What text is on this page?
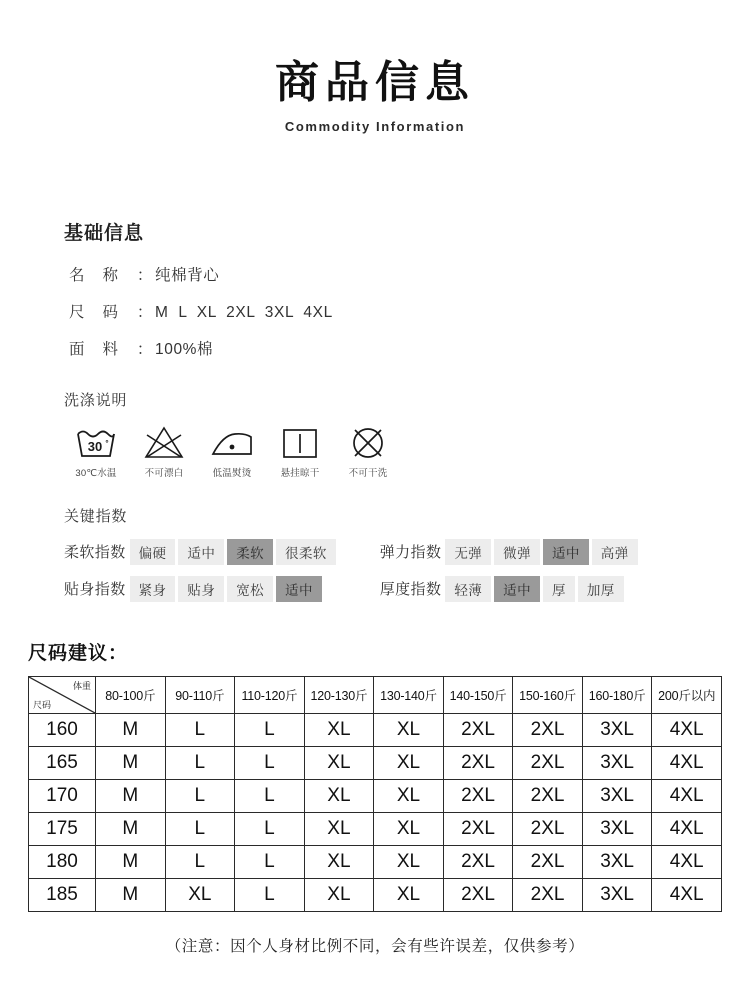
商品信息
Commodity Information
基础信息
名 称 ： 纯棉背心
尺 码 ： M  L  XL  2XL  3XL  4XL
面 料 ： 100%棉
洗涤说明
30 °
30℃水温	不可漂白	低温熨烫	悬挂晾干	不可干洗
关键指数
柔软指数 偏硬	适中	柔软	很柔软
贴身指数 紧身	贴身	宽松	适中
弹力指数 无弹	微弹	适中	高弹
厚度指数 轻薄	适中	厚	加厚
尺码建议：
体重
尺码	80-100斤	90-110斤	110-120斤	120-130斤	130-140斤	140-150斤	150-160斤	160-180斤	200斤以内
160	M	L	L	XL	XL	2XL	2XL	3XL	4XL
165	M	L	L	XL	XL	2XL	2XL	3XL	4XL
170	M	L	L	XL	XL	2XL	2XL	3XL	4XL
175	M	L	L	XL	XL	2XL	2XL	3XL	4XL
180	M	L	L	XL	XL	2XL	2XL	3XL	4XL
185	M	XL	L	XL	XL	2XL	2XL	3XL	4XL
（注意：因个人身材比例不同，会有些许误差，仅供参考）
